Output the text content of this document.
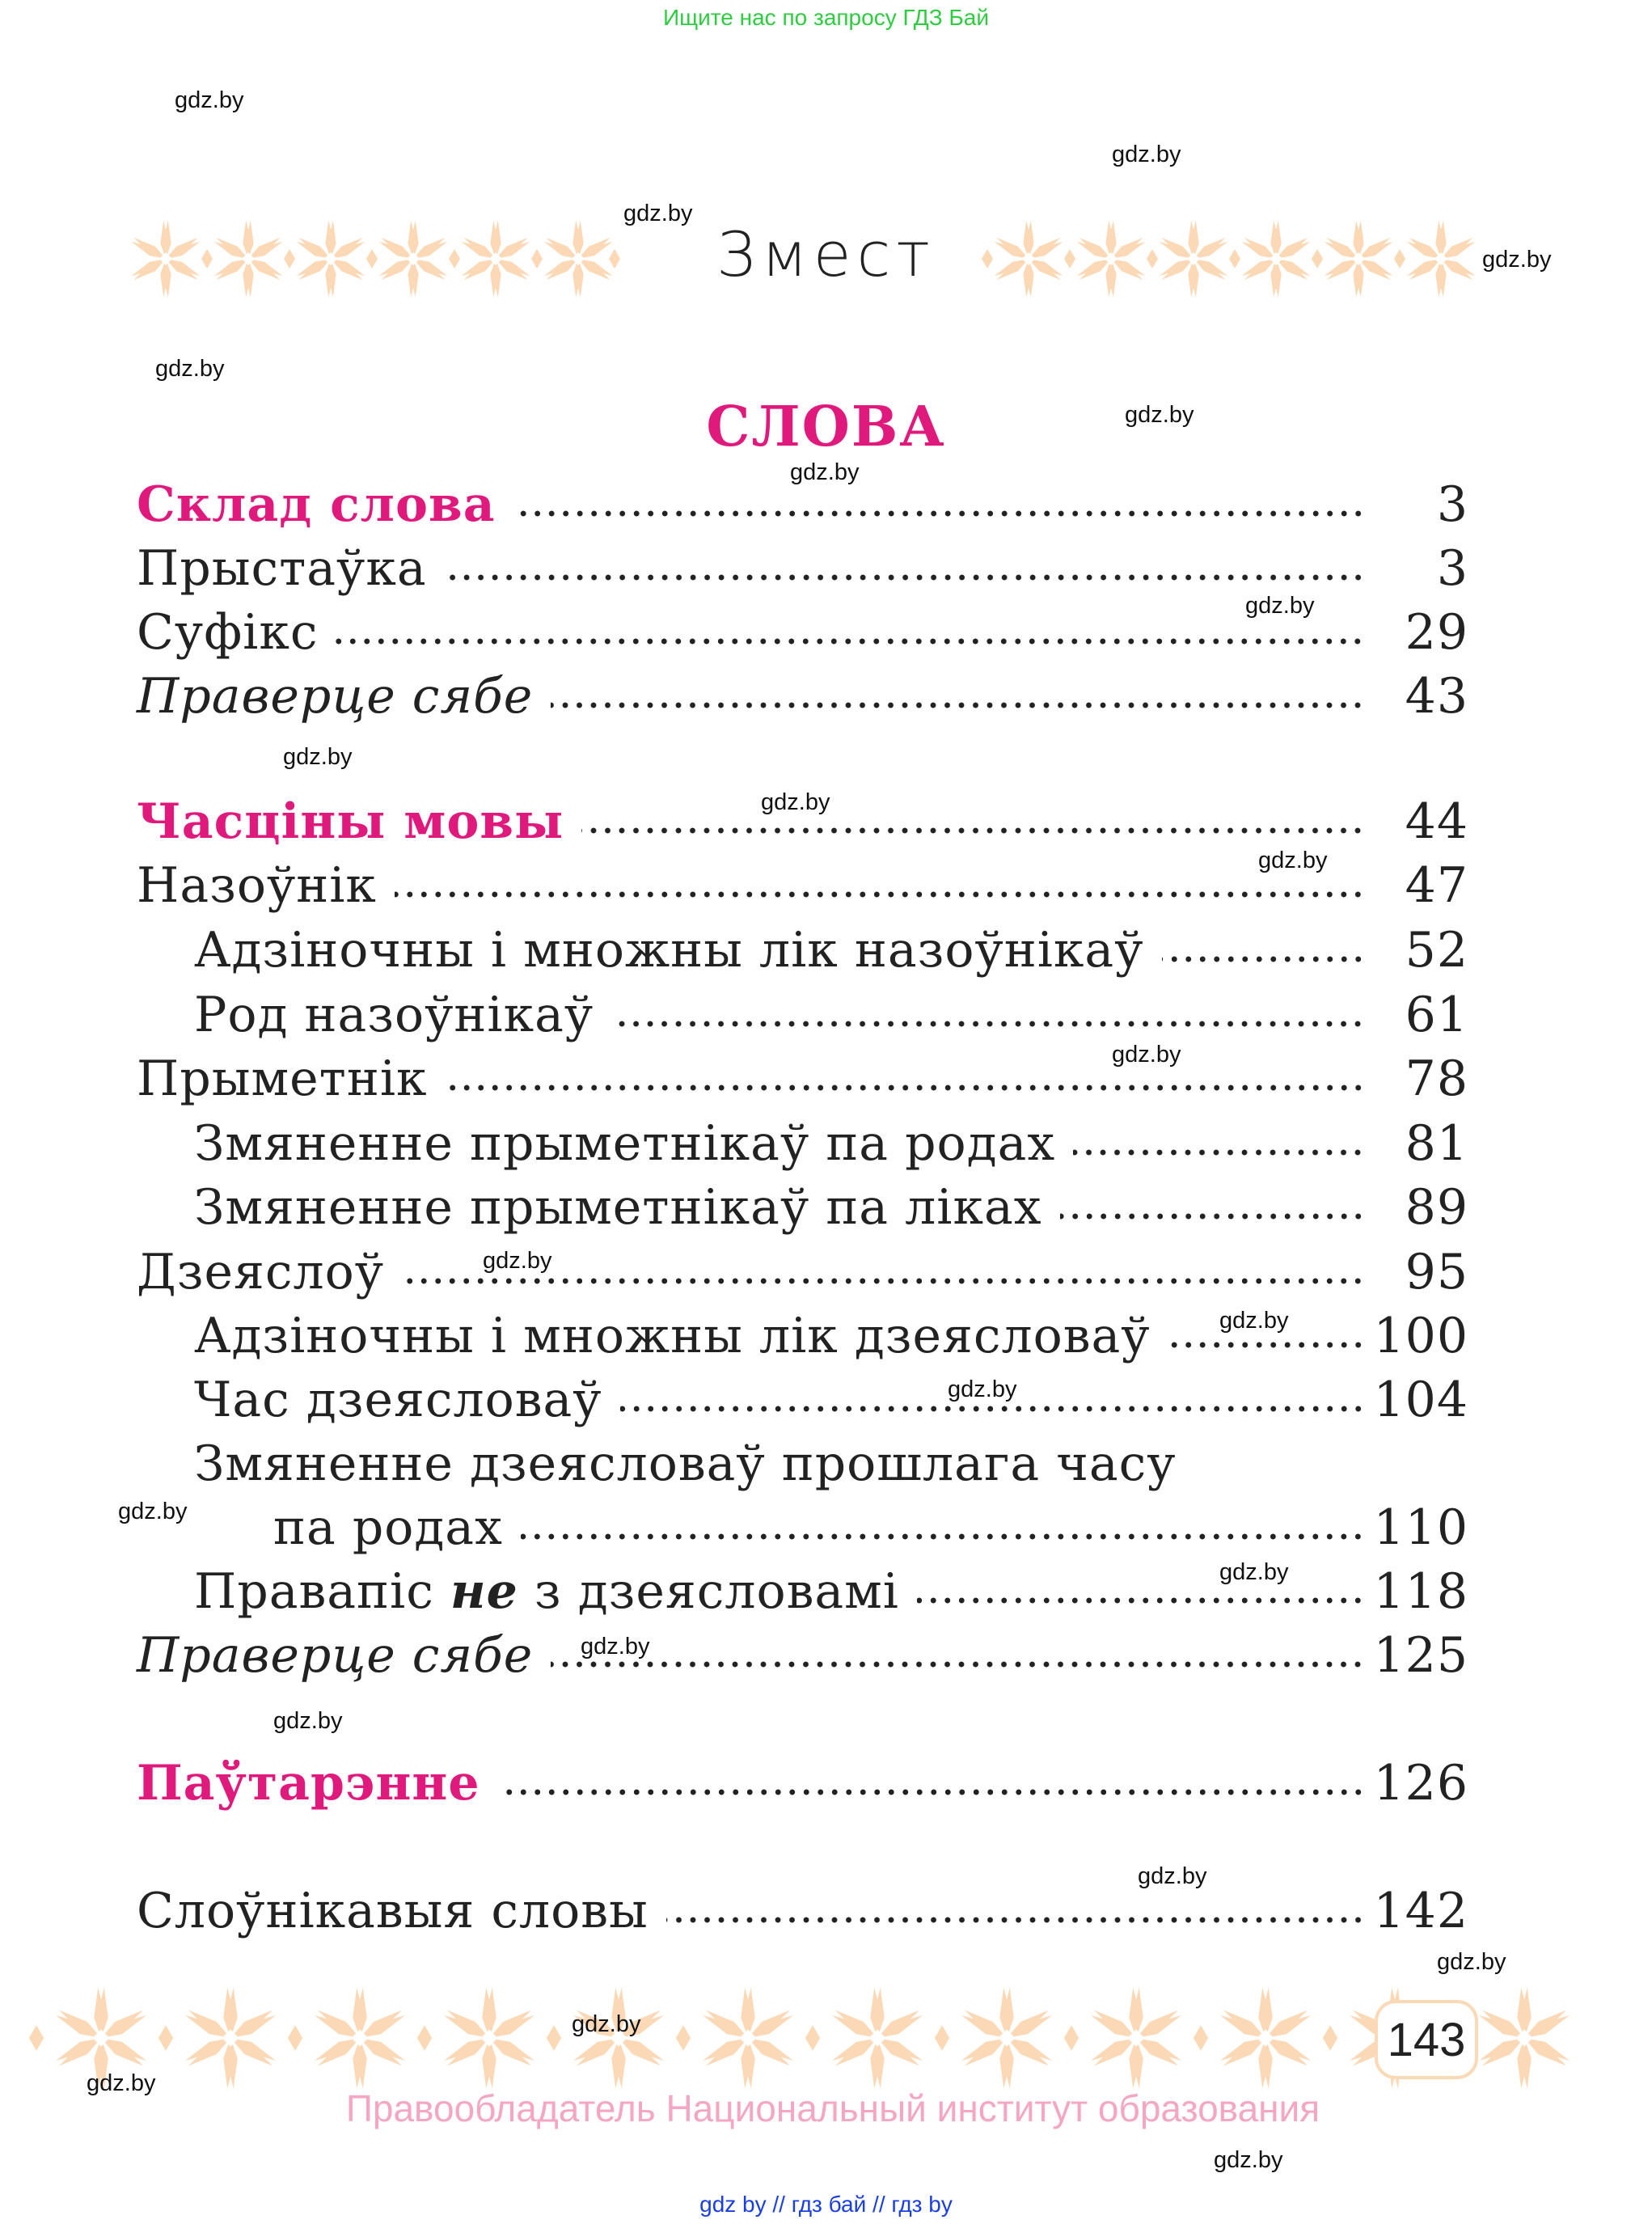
Ищите нас по запросу ГДЗ Бай
Змест
СЛОВА
Склад слова	3
Прыстаўка	3
Суфікс	29
Праверце сябе	43
Часціны мовы	44
Назоўнік	47
Адзіночны і множны лік назоўнікаў	52
Род назоўнікаў	61
Прыметнік	78
Змяненне прыметнікаў па родах	81
Змяненне прыметнікаў па ліках	89
Дзеяслоў	95
Адзіночны і множны лік дзеясловаў	100
Час дзеясловаў	104
Змяненне дзеясловаў прошлага часу
па родах	110
Правапіс не з дзеясловамі	118
Праверце сябе	125
Паўтарэнне	126
Слоўнікавыя словы	142
143
Правообладатель Национальный институт образования
gdz by // гдз бай // гдз by
gdz.by
gdz.by
gdz.by
gdz.by
gdz.by
gdz.by
gdz.by
gdz.by
gdz.by
gdz.by
gdz.by
gdz.by
gdz.by
gdz.by
gdz.by
gdz.by
gdz.by
gdz.by
gdz.by
gdz.by
gdz.by
gdz.by
gdz.by
gdz.by
